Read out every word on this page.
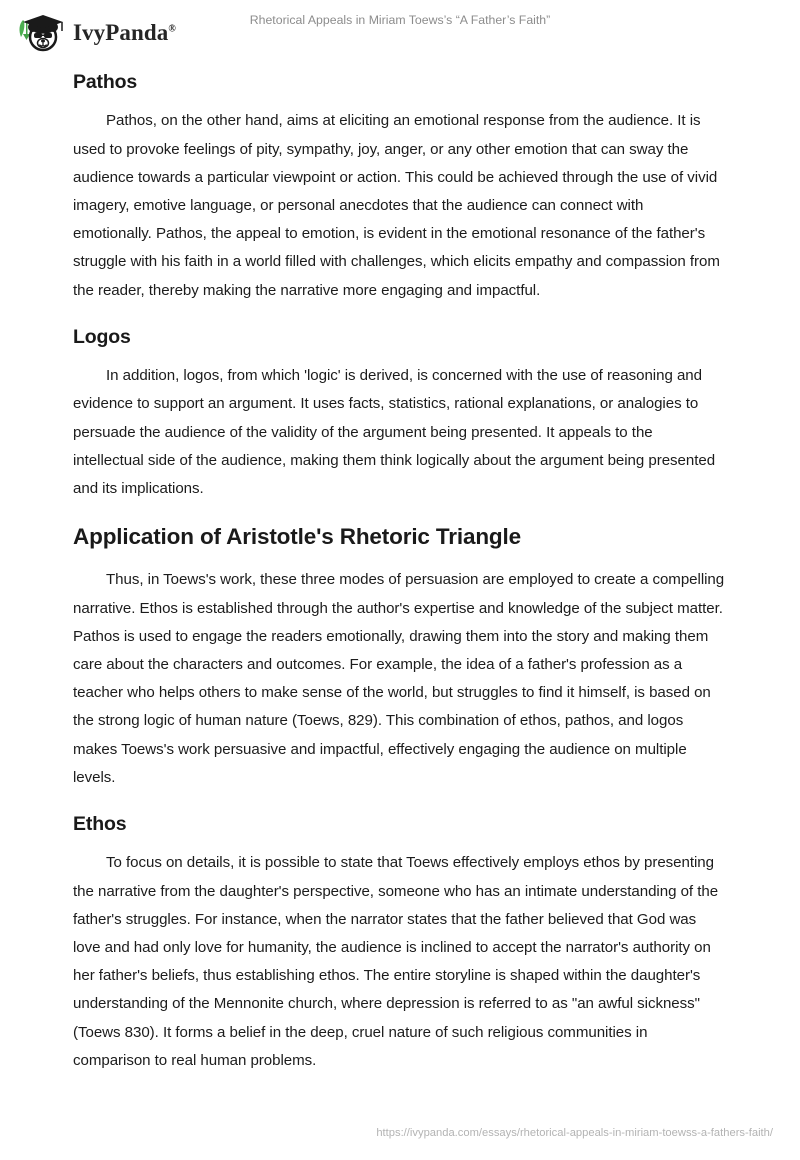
IvyPanda®
Rhetorical Appeals in Miriam Toews’s “A Father’s Faith”
Pathos

Pathos, on the other hand, aims at eliciting an emotional response from the audience. It is used to provoke feelings of pity, sympathy, joy, anger, or any other emotion that can sway the audience towards a particular viewpoint or action. This could be achieved through the use of vivid imagery, emotive language, or personal anecdotes that the audience can connect with emotionally. Pathos, the appeal to emotion, is evident in the emotional resonance of the father's struggle with his faith in a world filled with challenges, which elicits empathy and compassion from the reader, thereby making the narrative more engaging and impactful.

Logos

In addition, logos, from which 'logic' is derived, is concerned with the use of reasoning and evidence to support an argument. It uses facts, statistics, rational explanations, or analogies to persuade the audience of the validity of the argument being presented. It appeals to the intellectual side of the audience, making them think logically about the argument being presented and its implications.

Application of Aristotle's Rhetoric Triangle

Thus, in Toews's work, these three modes of persuasion are employed to create a compelling narrative. Ethos is established through the author's expertise and knowledge of the subject matter. Pathos is used to engage the readers emotionally, drawing them into the story and making them care about the characters and outcomes. For example, the idea of a father's profession as a teacher who helps others to make sense of the world, but struggles to find it himself, is based on the strong logic of human nature (Toews, 829). This combination of ethos, pathos, and logos makes Toews's work persuasive and impactful, effectively engaging the audience on multiple levels.

Ethos

To focus on details, it is possible to state that Toews effectively employs ethos by presenting the narrative from the daughter's perspective, someone who has an intimate understanding of the father's struggles. For instance, when the narrator states that the father believed that God was love and had only love for humanity, the audience is inclined to accept the narrator's authority on her father's beliefs, thus establishing ethos. The entire storyline is shaped within the daughter's understanding of the Mennonite church, where depression is referred to as "an awful sickness" (Toews 830). It forms a belief in the deep, cruel nature of such religious communities in comparison to real human problems.

https://ivypanda.com/essays/rhetorical-appeals-in-miriam-toewss-a-fathers-faith/
